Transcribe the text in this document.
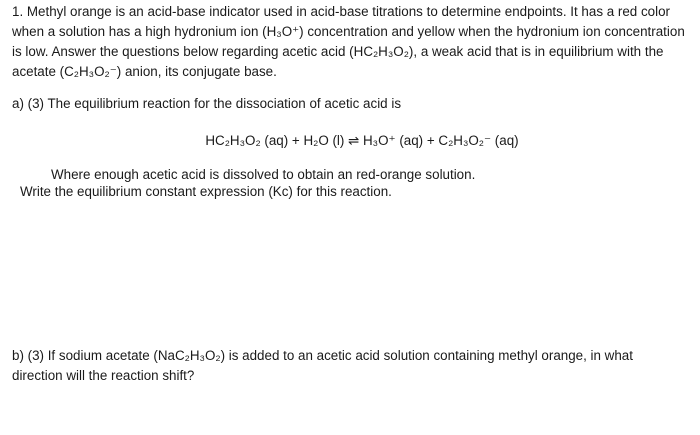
1. Methyl orange is an acid-base indicator used in acid-base titrations to determine endpoints. It has a red color when a solution has a high hydronium ion (H₃O⁺) concentration and yellow when the hydronium ion concentration is low. Answer the questions below regarding acetic acid (HC₂H₃O₂), a weak acid that is in equilibrium with the acetate (C₂H₃O₂⁻) anion, its conjugate base.

a) (3) The equilibrium reaction for the dissociation of acetic acid is

HC₂H₃O₂ (aq) + H₂O (l) ⇌ H₃O⁺ (aq) + C₂H₃O₂⁻ (aq)
Where enough acetic acid is dissolved to obtain an red-orange solution.
Write the equilibrium constant expression (Kᴄ) for this reaction.

b) (3) If sodium acetate (NaC₂H₃O₂) is added to an acetic acid solution containing methyl orange, in what direction will the reaction shift?
